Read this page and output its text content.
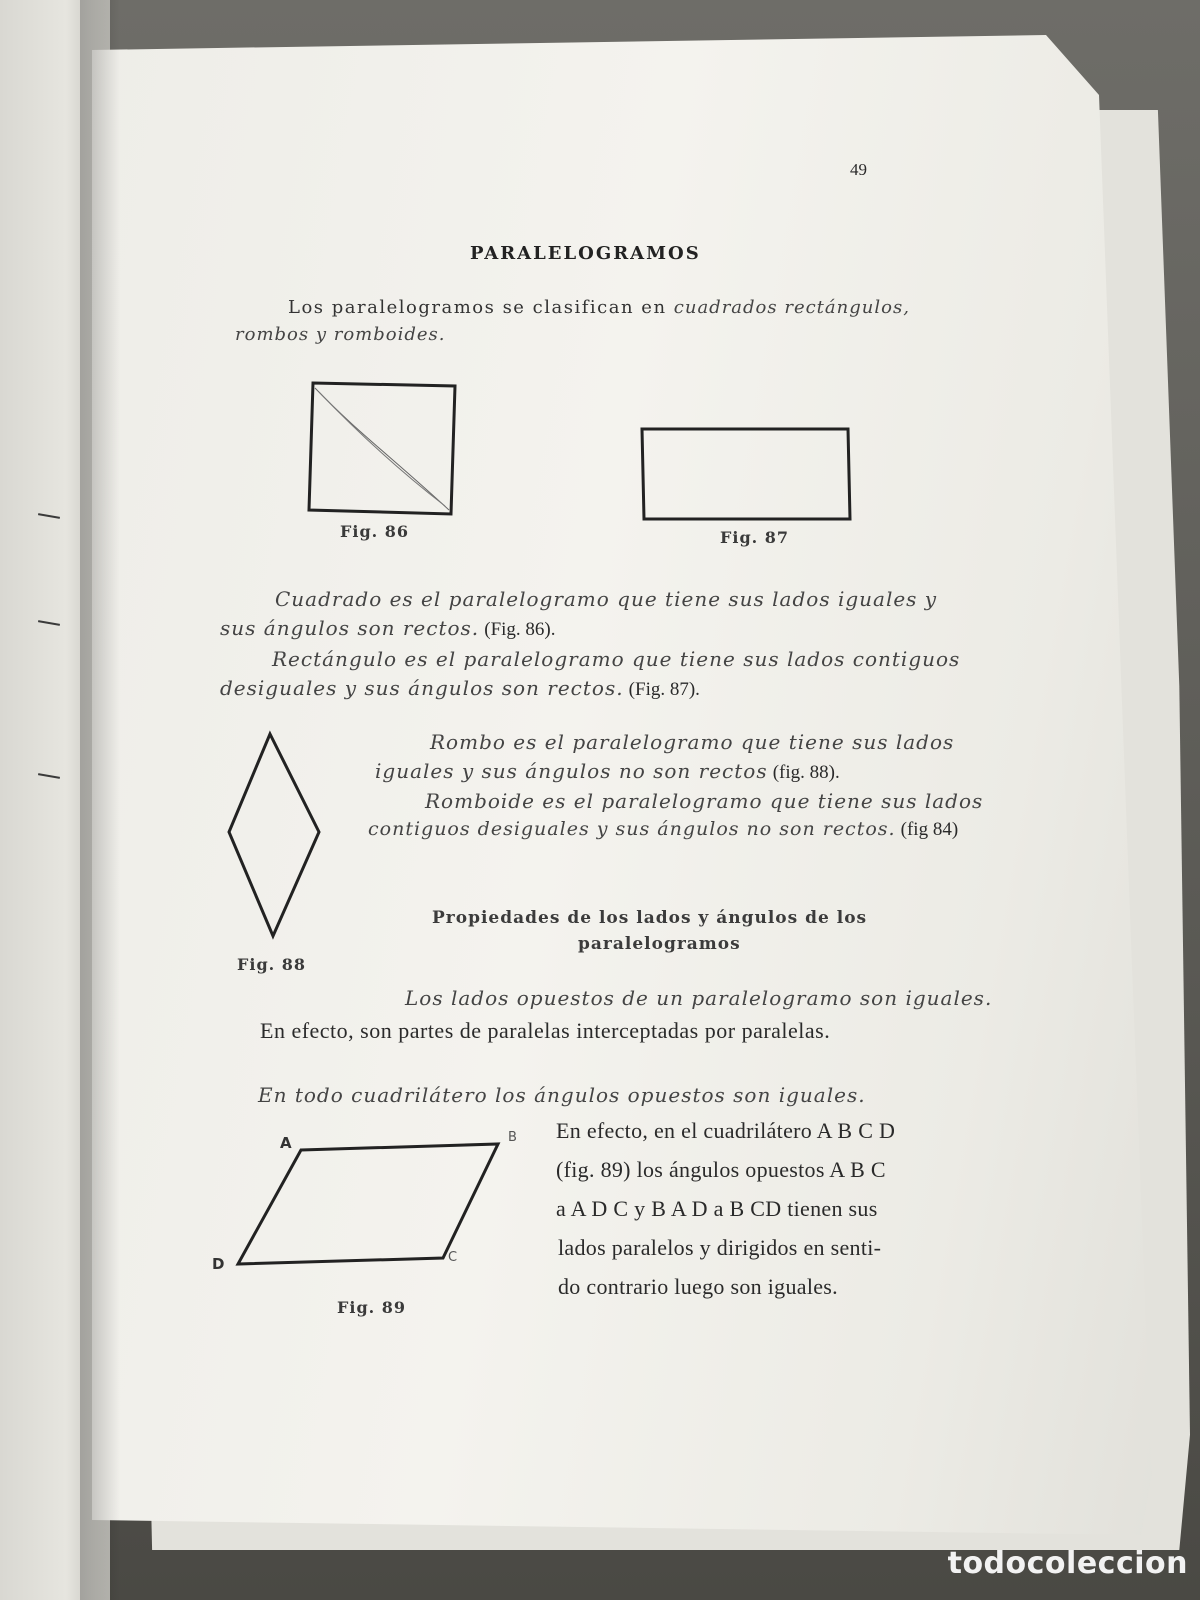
49
PARALELOGRAMOS
Los paralelogramos se clasifican en cuadrados rectángulos,
rombos y romboides.
Fig. 86	Fig. 87
Cuadrado es el paralelogramo que tiene sus lados iguales y
sus ángulos son rectos. (Fig. 86).
Rectángulo es el paralelogramo que tiene sus lados contiguos
desiguales y sus ángulos son rectos. (Fig. 87).
Fig. 88
Rombo es el paralelogramo que tiene sus lados
iguales y sus ángulos no son rectos (fig. 88).
Romboide es el paralelogramo que tiene sus lados
contiguos desiguales y sus ángulos no son rectos. (fig 84)
Propiedades de los lados y ángulos de los
paralelogramos
Los lados opuestos de un paralelogramo son iguales.
En efecto, son partes de paralelas interceptadas por paralelas.
En todo cuadrilátero los ángulos opuestos son iguales.
A	B
C
D
Fig. 89
En efecto, en el cuadrilátero A B C D
(fig. 89) los ángulos opuestos A B C
a A D C y B A D a B CD tienen sus
lados paralelos y dirigidos en senti-
do contrario luego son iguales.
todocoleccion
